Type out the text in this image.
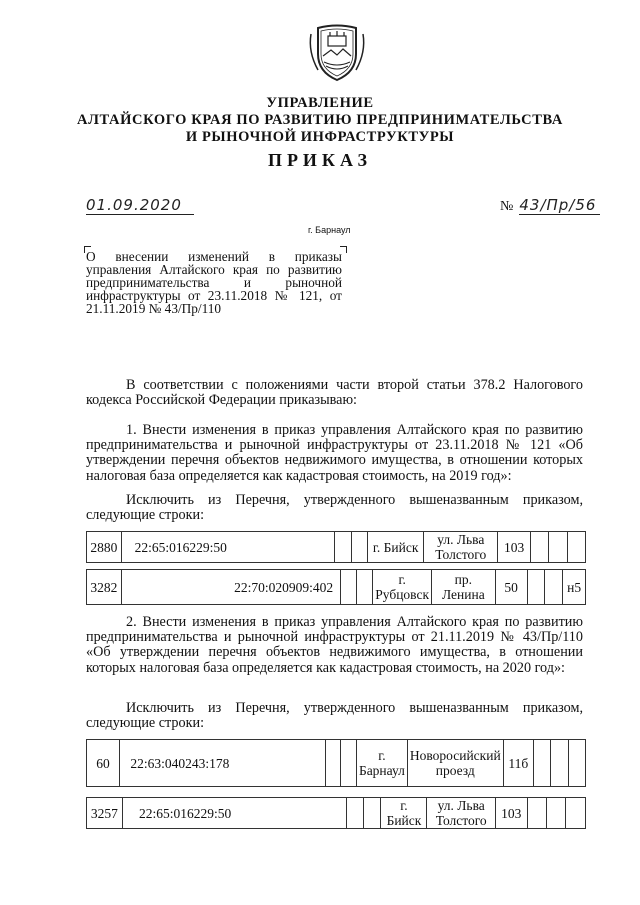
УПРАВЛЕНИЕ
АЛТАЙСКОГО КРАЯ ПО РАЗВИТИЮ ПРЕДПРИНИМАТЕЛЬСТВА
И РЫНОЧНОЙ ИНФРАСТРУКТУРЫ
ПРИКАЗ
01.09.2020	№ 43/Пр/56
г. Барнаул
О внесении изменений в приказы управления Алтайского края по развитию предпринимательства и рыночной инфраструктуры от 23.11.2018 № 121, от 21.11.2019 № 43/Пр/110
В соответствии с положениями части второй статьи 378.2 Налогового кодекса Российской Федерации приказываю:
1. Внести изменения в приказ управления Алтайского края по развитию предпринимательства и рыночной инфраструктуры от 23.11.2018 № 121 «Об утверждении перечня объектов недвижимого имущества, в отношении которых налоговая база определяется как кадастровая стоимость, на 2019 год»:
Исключить из Перечня, утвержденного вышеназванным приказом, следующие строки:
2880	22:65:016229:50				г. Бийск	ул. Льва Толстого	103			
3282		22:70:020909:402			г. Рубцовск	пр. Ленина	50			н5
2. Внести изменения в приказ управления Алтайского края по развитию предпринимательства и рыночной инфраструктуры от 21.11.2019 № 43/Пр/110 «Об утверждении перечня объектов недвижимого имущества, в отношении которых налоговая база определяется как кадастровая стоимость, на 2020 год»:
Исключить из Перечня, утвержденного вышеназванным приказом, следующие строки:
60	22:63:040243:178				г. Барнаул	Новоросийский проезд	11б			
3257	22:65:016229:50				г. Бийск	ул. Льва Толстого	103			
